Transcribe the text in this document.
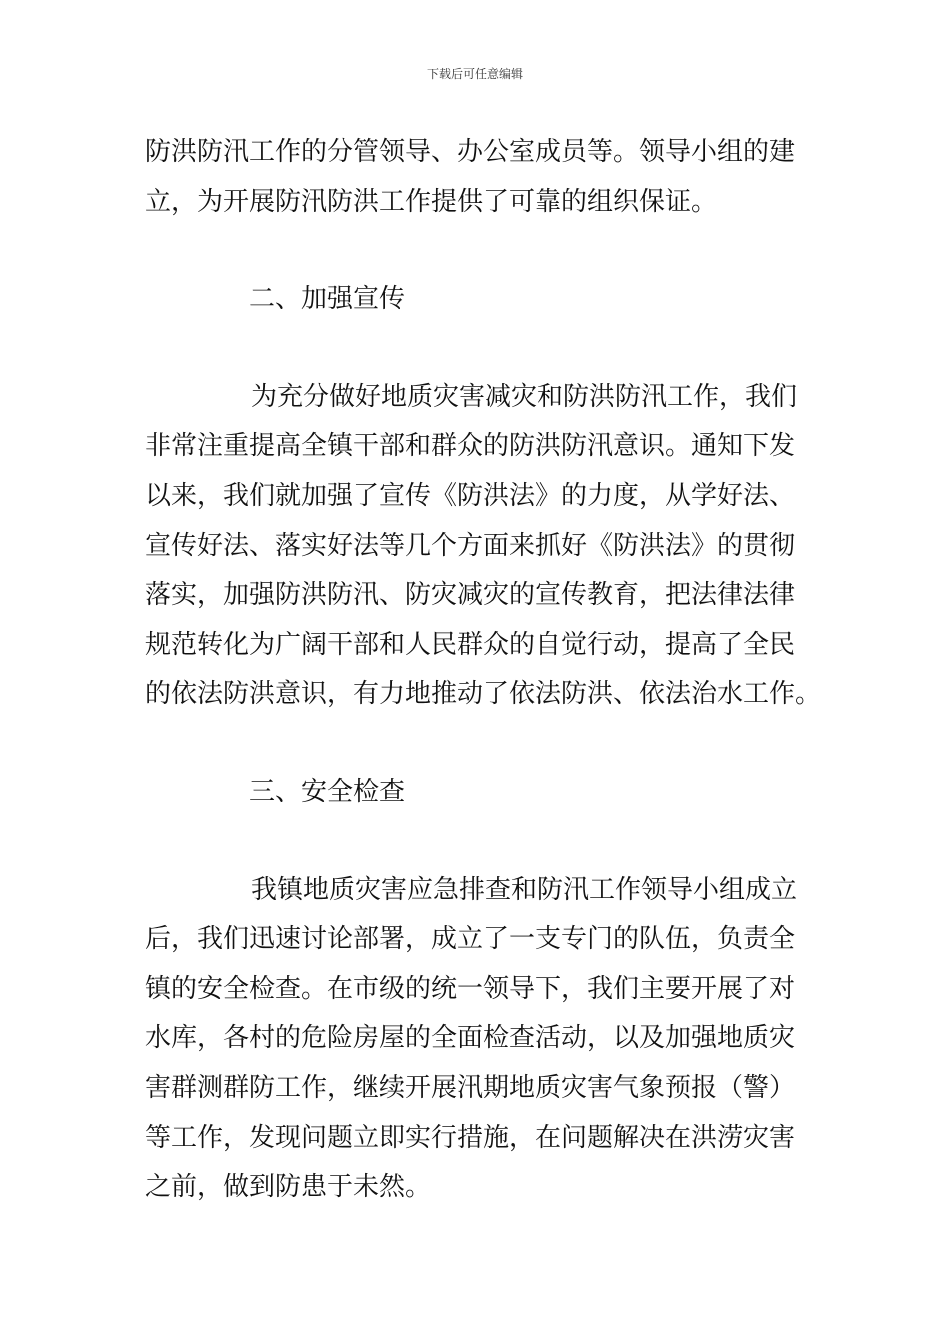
下载后可任意编辑
防洪防汛工作的分管领导、办公室成员等。领导小组的建
立，为开展防汛防洪工作提供了可靠的组织保证。
二、加强宣传
为充分做好地质灾害减灾和防洪防汛工作，我们
非常注重提高全镇干部和群众的防洪防汛意识。通知下发
以来，我们就加强了宣传《防洪法》的力度，从学好法、
宣传好法、落实好法等几个方面来抓好《防洪法》的贯彻
落实，加强防洪防汛、防灾减灾的宣传教育，把法律法律
规范转化为广阔干部和人民群众的自觉行动，提高了全民
的依法防洪意识，有力地推动了依法防洪、依法治水工作。
三、安全检查
我镇地质灾害应急排查和防汛工作领导小组成立
后，我们迅速讨论部署，成立了一支专门的队伍，负责全
镇的安全检查。在市级的统一领导下，我们主要开展了对
水库，各村的危险房屋的全面检查活动，以及加强地质灾
害群测群防工作，继续开展汛期地质灾害气象预报（警）
等工作，发现问题立即实行措施，在问题解决在洪涝灾害
之前，做到防患于未然。
